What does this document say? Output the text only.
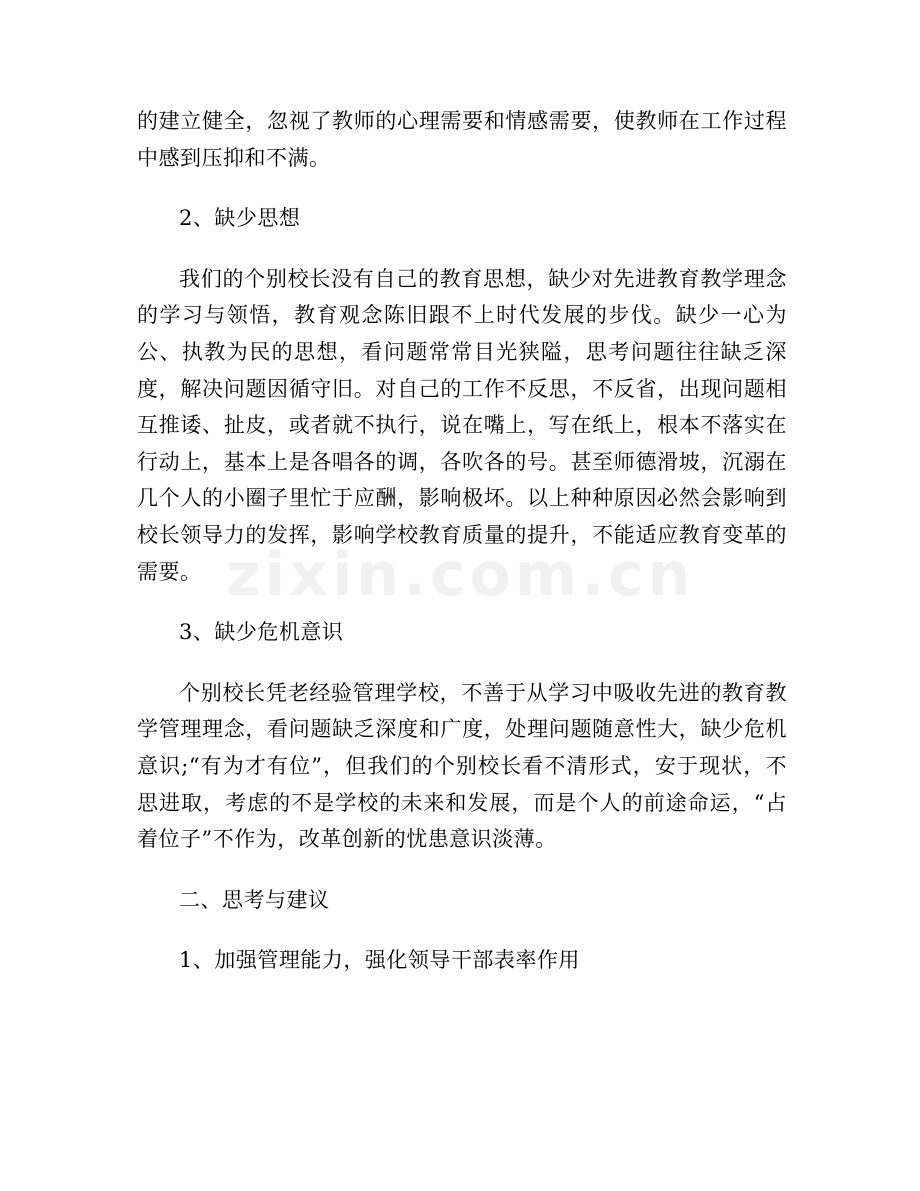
的建立健全，忽视了教师的心理需要和情感需要，使教师在工作过程中感到压抑和不满。

2、缺少思想

我们的个别校长没有自己的教育思想，缺少对先进教育教学理念的学习与领悟，教育观念陈旧跟不上时代发展的步伐。缺少一心为公、执教为民的思想，看问题常常目光狭隘，思考问题往往缺乏深度，解决问题因循守旧。对自己的工作不反思，不反省，出现问题相互推诿、扯皮，或者就不执行，说在嘴上，写在纸上，根本不落实在行动上，基本上是各唱各的调，各吹各的号。甚至师德滑坡，沉溺在几个人的小圈子里忙于应酬，影响极坏。以上种种原因必然会影响到校长领导力的发挥，影响学校教育质量的提升，不能适应教育变革的需要。

3、缺少危机意识

个别校长凭老经验管理学校，不善于从学习中吸收先进的教育教学管理理念，看问题缺乏深度和广度，处理问题随意性大，缺少危机意识;“有为才有位”，但我们的个别校长看不清形式，安于现状，不思进取，考虑的不是学校的未来和发展，而是个人的前途命运，“占着位子”不作为，改革创新的忧患意识淡薄。

二、思考与建议

1、加强管理能力，强化领导干部表率作用

zixin.com.cn
